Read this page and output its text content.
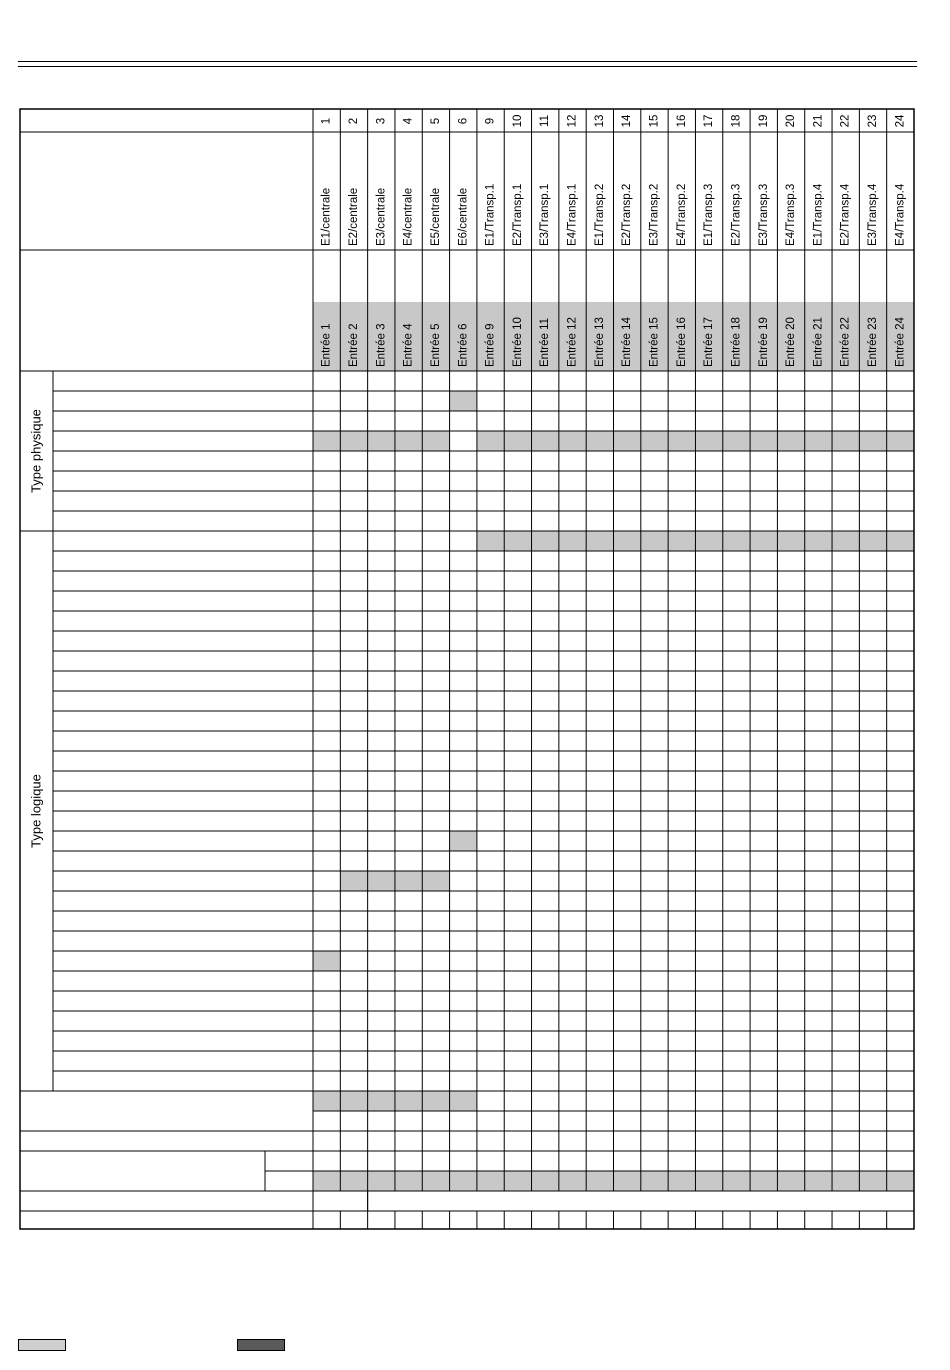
1
E1/centrale
Entrée 1
2
E2/centrale
Entrée 2
3
E3/centrale
Entrée 3
4
E4/centrale
Entrée 4
5
E5/centrale
Entrée 5
6
E6/centrale
Entrée 6
9
E1/Transp.1
Entrée 9
10
E2/Transp.1
Entrée 10
11
E3/Transp.1
Entrée 11
12
E4/Transp.1
Entrée 12
13
E1/Transp.2
Entrée 13
14
E2/Transp.2
Entrée 14
15
E3/Transp.2
Entrée 15
16
E4/Transp.2
Entrée 16
17
E1/Transp.3
Entrée 17
18
E2/Transp.3
Entrée 18
19
E3/Transp.3
Entrée 19
20
E4/Transp.3
Entrée 20
21
E1/Transp.4
Entrée 21
22
E2/Transp.4
Entrée 22
23
E3/Transp.4
Entrée 23
24
E4/Transp.4
Entrée 24
Type physique
Type logique
